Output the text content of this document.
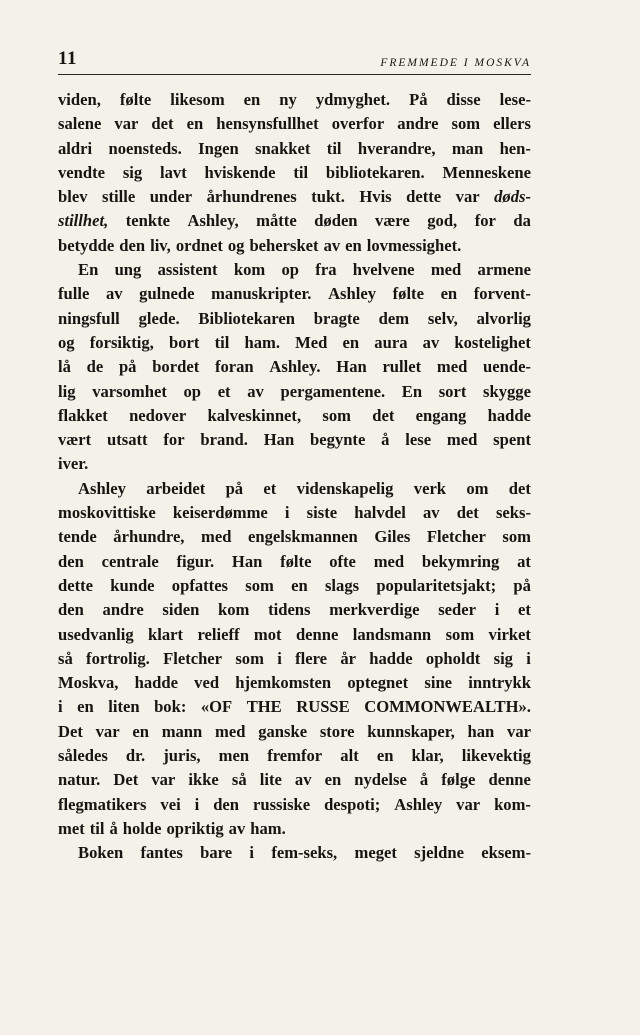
11	FREMMEDE I MOSKVA
viden, følte likesom en ny ydmyghet. På disse lese-
salene var det en hensynsfullhet overfor andre som ellers
aldri noensteds. Ingen snakket til hverandre, man hen-
vendte sig lavt hviskende til bibliotekaren. Menneskene
blev stille under århundrenes tukt. Hvis dette var døds-
stillhet, tenkte Ashley, måtte døden være god, for da
betydde den liv, ordnet og behersket av en lovmessighet.
En ung assistent kom op fra hvelvene med armene
fulle av gulnede manuskripter. Ashley følte en forvent-
ningsfull glede. Bibliotekaren bragte dem selv, alvorlig
og forsiktig, bort til ham. Med en aura av kostelighet
lå de på bordet foran Ashley. Han rullet med uende-
lig varsomhet op et av pergamentene. En sort skygge
flakket nedover kalveskinnet, som det engang hadde
vært utsatt for brand. Han begynte å lese med spent
iver.
Ashley arbeidet på et videnskapelig verk om det
moskovittiske keiserdømme i siste halvdel av det seks-
tende århundre, med engelskmannen Giles Fletcher som
den centrale figur. Han følte ofte med bekymring at
dette kunde opfattes som en slags popularitetsjakt; på
den andre siden kom tidens merkverdige seder i et
usedvanlig klart relieff mot denne landsmann som virket
så fortrolig. Fletcher som i flere år hadde opholdt sig i
Moskva, hadde ved hjemkomsten optegnet sine inntrykk
i en liten bok: «OF THE RUSSE COMMONWEALTH».
Det var en mann med ganske store kunnskaper, han var
således dr. juris, men fremfor alt en klar, likevektig
natur. Det var ikke så lite av en nydelse å følge denne
flegmatikers vei i den russiske despoti; Ashley var kom-
met til å holde opriktig av ham.
Boken fantes bare i fem-seks, meget sjeldne eksem-
